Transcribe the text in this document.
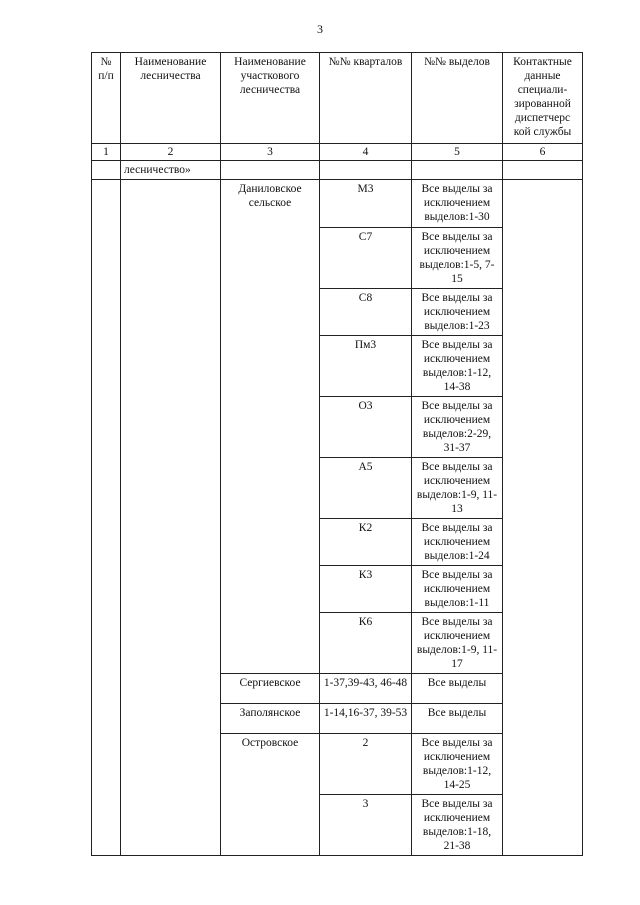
3
№ п/п	Наименование лесничества	Наименование участкового лесничества	№№ кварталов	№№ выделов	Контактные данные специали-зированной диспетчерс кой службы
1	2	3	4	5	6
	лесничество»				
		Даниловское сельское	М3	Все выделы за исключением выделов:1-30	
			С7	Все выделы за исключением выделов:1-5, 7-15	
			С8	Все выделы за исключением выделов:1-23	
			Пм3	Все выделы за исключением выделов:1-12, 14-38	
			О3	Все выделы за исключением выделов:2-29, 31-37	
			А5	Все выделы за исключением выделов:1-9, 11-13	
			К2	Все выделы за исключением выделов:1-24	
			К3	Все выделы за исключением выделов:1-11	
			К6	Все выделы за исключением выделов:1-9, 11-17	
		Сергиевское	1-37,39-43, 46-48	Все выделы	
		Заполянское	1-14,16-37, 39-53	Все выделы	
		Островское	2	Все выделы за исключением выделов:1-12, 14-25	
			3	Все выделы за исключением выделов:1-18, 21-38	
